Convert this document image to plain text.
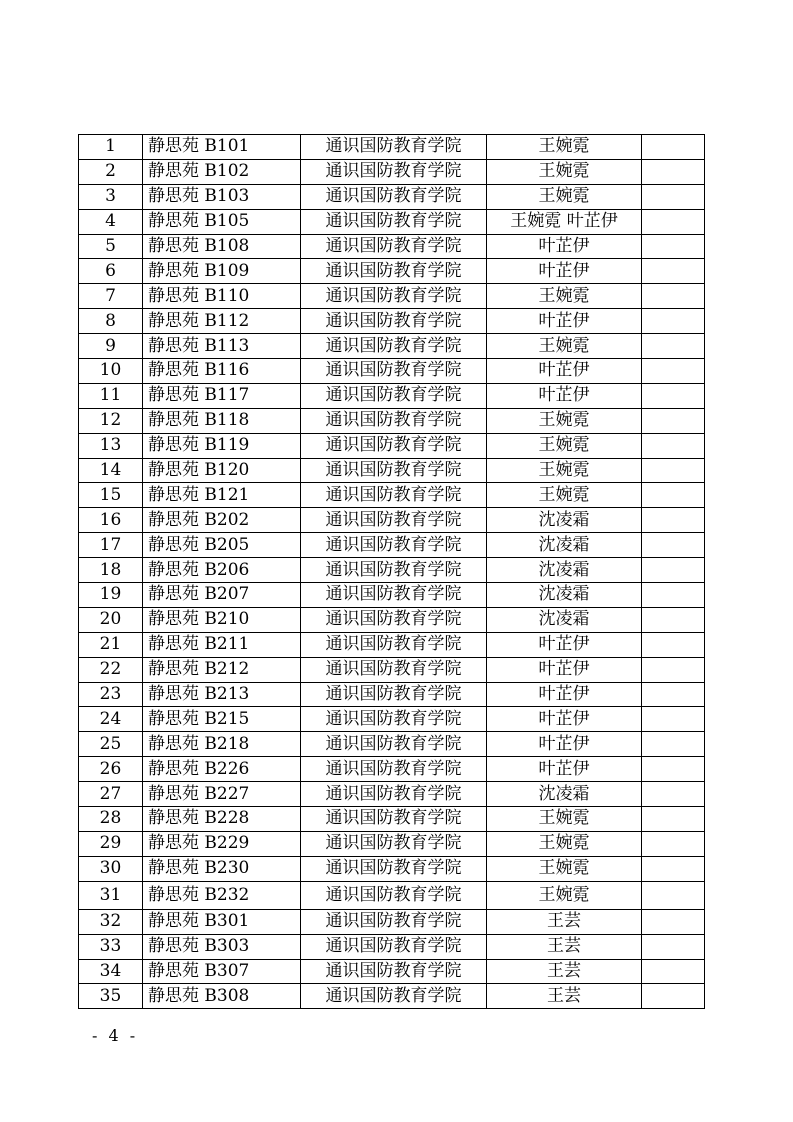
1	静思苑 B101	通识国防教育学院	王婉霓	
2	静思苑 B102	通识国防教育学院	王婉霓	
3	静思苑 B103	通识国防教育学院	王婉霓	
4	静思苑 B105	通识国防教育学院	王婉霓 叶芷伊	
5	静思苑 B108	通识国防教育学院	叶芷伊	
6	静思苑 B109	通识国防教育学院	叶芷伊	
7	静思苑 B110	通识国防教育学院	王婉霓	
8	静思苑 B112	通识国防教育学院	叶芷伊	
9	静思苑 B113	通识国防教育学院	王婉霓	
10	静思苑 B116	通识国防教育学院	叶芷伊	
11	静思苑 B117	通识国防教育学院	叶芷伊	
12	静思苑 B118	通识国防教育学院	王婉霓	
13	静思苑 B119	通识国防教育学院	王婉霓	
14	静思苑 B120	通识国防教育学院	王婉霓	
15	静思苑 B121	通识国防教育学院	王婉霓	
16	静思苑 B202	通识国防教育学院	沈凌霜	
17	静思苑 B205	通识国防教育学院	沈凌霜	
18	静思苑 B206	通识国防教育学院	沈凌霜	
19	静思苑 B207	通识国防教育学院	沈凌霜	
20	静思苑 B210	通识国防教育学院	沈凌霜	
21	静思苑 B211	通识国防教育学院	叶芷伊	
22	静思苑 B212	通识国防教育学院	叶芷伊	
23	静思苑 B213	通识国防教育学院	叶芷伊	
24	静思苑 B215	通识国防教育学院	叶芷伊	
25	静思苑 B218	通识国防教育学院	叶芷伊	
26	静思苑 B226	通识国防教育学院	叶芷伊	
27	静思苑 B227	通识国防教育学院	沈凌霜	
28	静思苑 B228	通识国防教育学院	王婉霓	
29	静思苑 B229	通识国防教育学院	王婉霓	
30	静思苑 B230	通识国防教育学院	王婉霓	
31	静思苑 B232	通识国防教育学院	王婉霓	
32	静思苑 B301	通识国防教育学院	王芸	
33	静思苑 B303	通识国防教育学院	王芸	
34	静思苑 B307	通识国防教育学院	王芸	
35	静思苑 B308	通识国防教育学院	王芸	
- 4 -
